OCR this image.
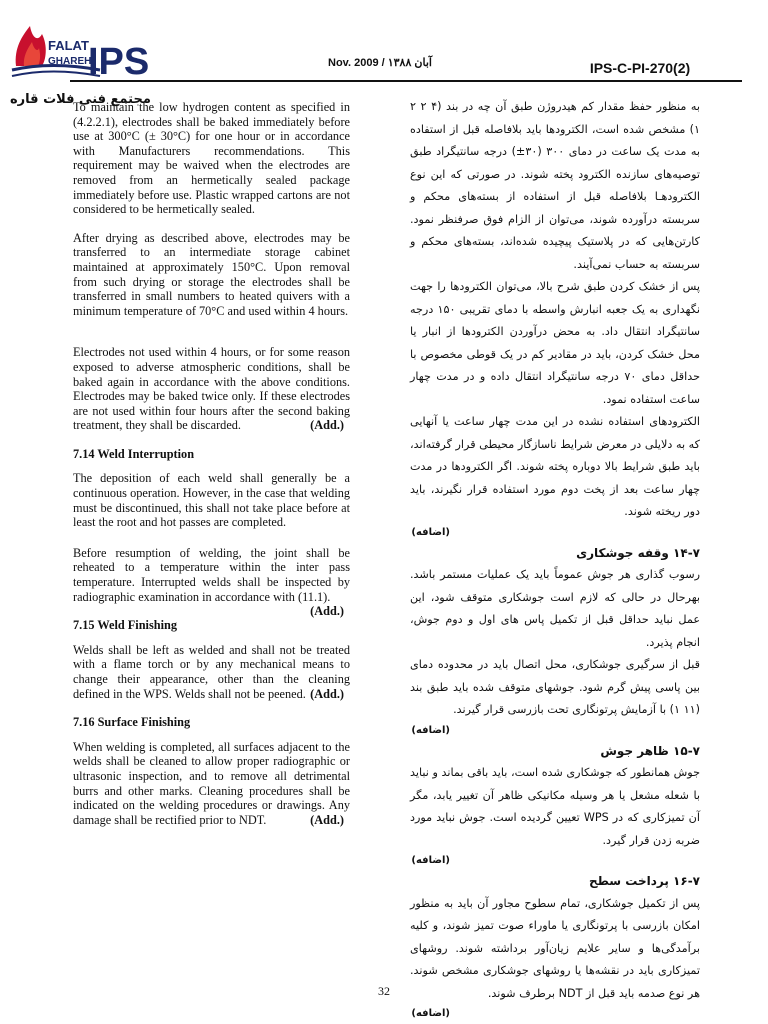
FALAT
GHAREH
IPS
مجتمع فنی فلات قاره
Nov. 2009 / ۱۳۸۸ آبان	IPS-C-PI-270(2)

To maintain the low hydrogen content as specified in (4.2.2.1), electrodes shall be baked immediately before use at 300°C (± 30°C) for one hour or in accordance with Manufacturers recommendations. This requirement may be waived when the electrodes are removed from an hermetically sealed package immediately before use. Plastic wrapped cartons are not considered to be hermetically sealed.

After drying as described above, electrodes may be transferred to an intermediate storage cabinet maintained at approximately 150°C. Upon removal from such drying or storage the electrodes shall be transferred in small numbers to heated quivers with a minimum temperature of 70°C and used within 4 hours.

Electrodes not used within 4 hours, or for some reason exposed to adverse atmospheric conditions, shall be baked again in accordance with the above conditions. Electrodes may be baked twice only. If these electrodes are not used within four hours after the second baking treatment, they shall be discarded.	(Add.)

7.14 Weld Interruption

The deposition of each weld shall generally be a continuous operation. However, in the case that welding must be discontinued, this shall not take place before at least the root and hot passes are completed.

Before resumption of welding, the joint shall be reheated to a temperature within the inter pass temperature. Interrupted welds shall be inspected by radiographic examination in accordance with (11.1).
(Add.)

7.15 Weld Finishing

Welds shall be left as welded and shall not be treated with a flame torch or by any mechanical means to change their appearance, other than the cleaning defined in the WPS. Welds shall not be peened. (Add.)

7.16 Surface Finishing

When welding is completed, all surfaces adjacent to the welds shall be cleaned to allow proper radiographic or ultrasonic inspection, and to remove all detrimental burrs and other marks. Cleaning procedures shall be indicated on the welding procedures or drawings. Any damage shall be rectified prior to NDT.	(Add.)

به منظور حفظ مقدار کم هیدروژن طبق آن چه در بند (۴ ۲ ۲ ۱) مشخص شده است، الکترودها باید بلافاصله قبل از استفاده به مدت یک ساعت در دمای ۳۰۰ (۳۰±) درجه سانتیگراد طبق توصیه‌های سازنده الکترود پخته شوند. در صورتی که این نوع الکترودهـا بلافاصله قبل از استفاده از بسته‌های محکم و سربسته درآورده شوند، می‌توان از الزام فوق صرفنظر نمود. کارتن‌هایی که در پلاستیک پیچیده شده‌اند، بسته‌های محکم و سربسته به حساب نمی‌آیند.

پس از خشک کردن طبق شرح بالا، می‌توان الکترودها را جهت نگهداری به یک جعبه انبارش واسطه با دمای تقریبی ۱۵۰ درجه سانتیگراد انتقال داد. به محض درآوردن الکترودها از انبار یا محل خشک کردن، باید در مقادیر کم در یک قوطی مخصوص با حداقل دمای ۷۰ درجه سانتیگراد انتقال داده و در مدت چهار ساعت استفاده نمود.

الکترودهای استفاده نشده در این مدت چهار ساعت یا آنهایی که به دلایلی در معرض شرایط ناسازگار محیطی قرار گرفته‌اند، باید طبق شرایط بالا دوباره پخته شوند. اگر الکترودها در مدت چهار ساعت بعد از پخت دوم مورد استفاده قرار نگیرند، باید دور ریخته شوند.

(اضافه)
۱۴-۷ وقفه جوشکاری

رسوب گذاری هر جوش عموماً باید یک عملیات مستمر باشد. بهرحال در حالی که لازم است جوشکاری متوقف شود، این عمل نباید حداقل قبل از تکمیل پاس های اول و دوم جوش، انجام پذیرد.

قبل از سرگیری جوشکاری، محل اتصال باید در محدوده دمای بین پاسی پیش گرم شود. جوشهای متوقف شده باید طبق بند (۱۱ ۱) با آزمایش پرتونگاری تحت بازرسی قرار گیرند.

(اضافه)
۱۵-۷ ظاهر جوش

جوش همانطور که جوشکاری شده است، باید باقی بماند و نباید با شعله مشعل یا هر وسیله مکانیکی ظاهر آن تغییر یابد، مگر آن تمیزکاری که در WPS تعیین گردیده است. جوش نباید مورد ضربه زدن قرار گیرد.

(اضافه)
۱۶-۷ پرداخت سطح

پس از تکمیل جوشکاری، تمام سطوح مجاور آن باید به منظور امکان بازرسی با پرتونگاری یا ماوراء صوت تمیز شوند، و کلیه برآمدگی‌ها و سایر علایم زیان‌آور برداشته شوند. روشهای تمیزکاری باید در نقشه‌ها یا روشهای جوشکاری مشخص شوند. هر نوع صدمه باید قبل از NDT برطرف شوند.

(اضافه)
32
